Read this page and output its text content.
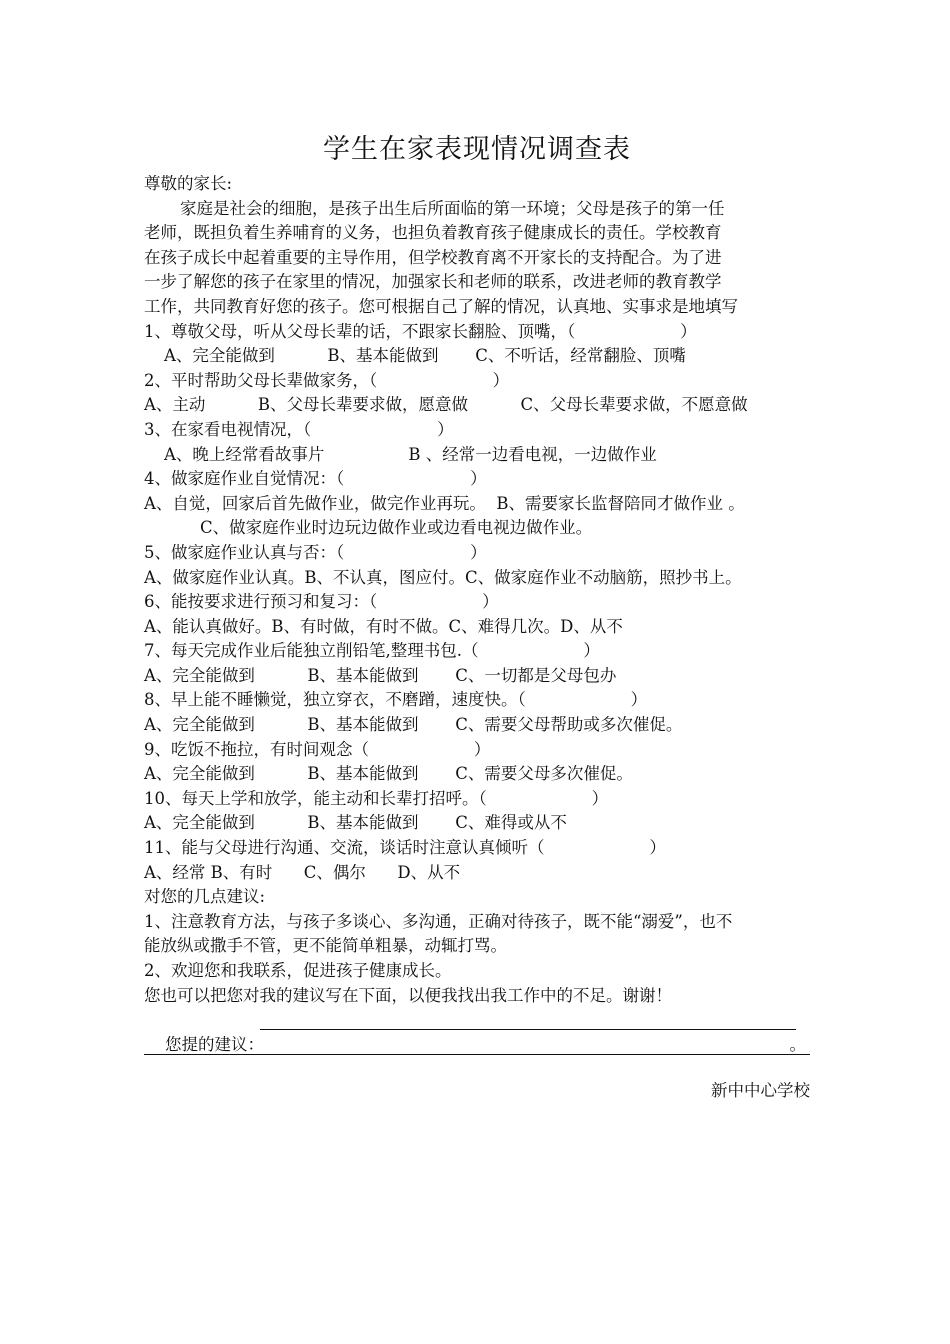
学生在家表现情况调查表
尊敬的家长:
家庭是社会的细胞，是孩子出生后所面临的第一环境；父母是孩子的第一任
老师，既担负着生养哺育的义务，也担负着教育孩子健康成长的责任。学校教育
在孩子成长中起着重要的主导作用，但学校教育离不开家长的支持配合。为了进
一步了解您的孩子在家里的情况，加强家长和老师的联系，改进老师的教育教学
工作，共同教育好您的孩子。您可根据自己了解的情况，认真地、实事求是地填写
1、尊敬父母，听从父母长辈的话，不跟家长翻脸、顶嘴，（                    ）
A、完全能做到          B、基本能做到       C、不听话，经常翻脸、顶嘴
2、平时帮助父母长辈做家务，（                      ）
A、主动          B、父母长辈要求做，愿意做          C、父母长辈要求做，不愿意做
3、在家看电视情况，（                        ）
A、晚上经常看故事片                B 、经常一边看电视，一边做作业
4、做家庭作业自觉情况：（                        ）
A、自觉，回家后首先做作业，做完作业再玩。  B、需要家长监督陪同才做作业 。
C、做家庭作业时边玩边做作业或边看电视边做作业。
5、做家庭作业认真与否：（                        ）
A、做家庭作业认真。B、不认真，图应付。C、做家庭作业不动脑筋，照抄书上。
6、能按要求进行预习和复习：（                    ）
A、能认真做好。B、有时做，有时不做。C、难得几次。D、从不
7、每天完成作业后能独立削铅笔,整理书包.（                    ）
A、完全能做到          B、基本能做到       C、一切都是父母包办
8、早上能不睡懒觉，独立穿衣，不磨蹭，速度快。（                    ）
A、完全能做到          B、基本能做到       C、需要父母帮助或多次催促。
9、吃饭不拖拉，有时间观念（                    ）
A、完全能做到          B、基本能做到       C、需要父母多次催促。
10、每天上学和放学，能主动和长辈打招呼。（                    ）
A、完全能做到          B、基本能做到       C、难得或从不
11、能与父母进行沟通、交流，谈话时注意认真倾听（                    ）
A、经常 B、有时      C、偶尔      D、从不
对您的几点建议:
1、注意教育方法，与孩子多谈心、多沟通，正确对待孩子，既不能“溺爱”，也不
能放纵或撒手不管，更不能简单粗暴，动辄打骂。
2、欢迎您和我联系，促进孩子健康成长。
您也可以把您对我的建议写在下面，以便我找出我工作中的不足。谢谢！

您提的建议：

	。

新中中心学校
